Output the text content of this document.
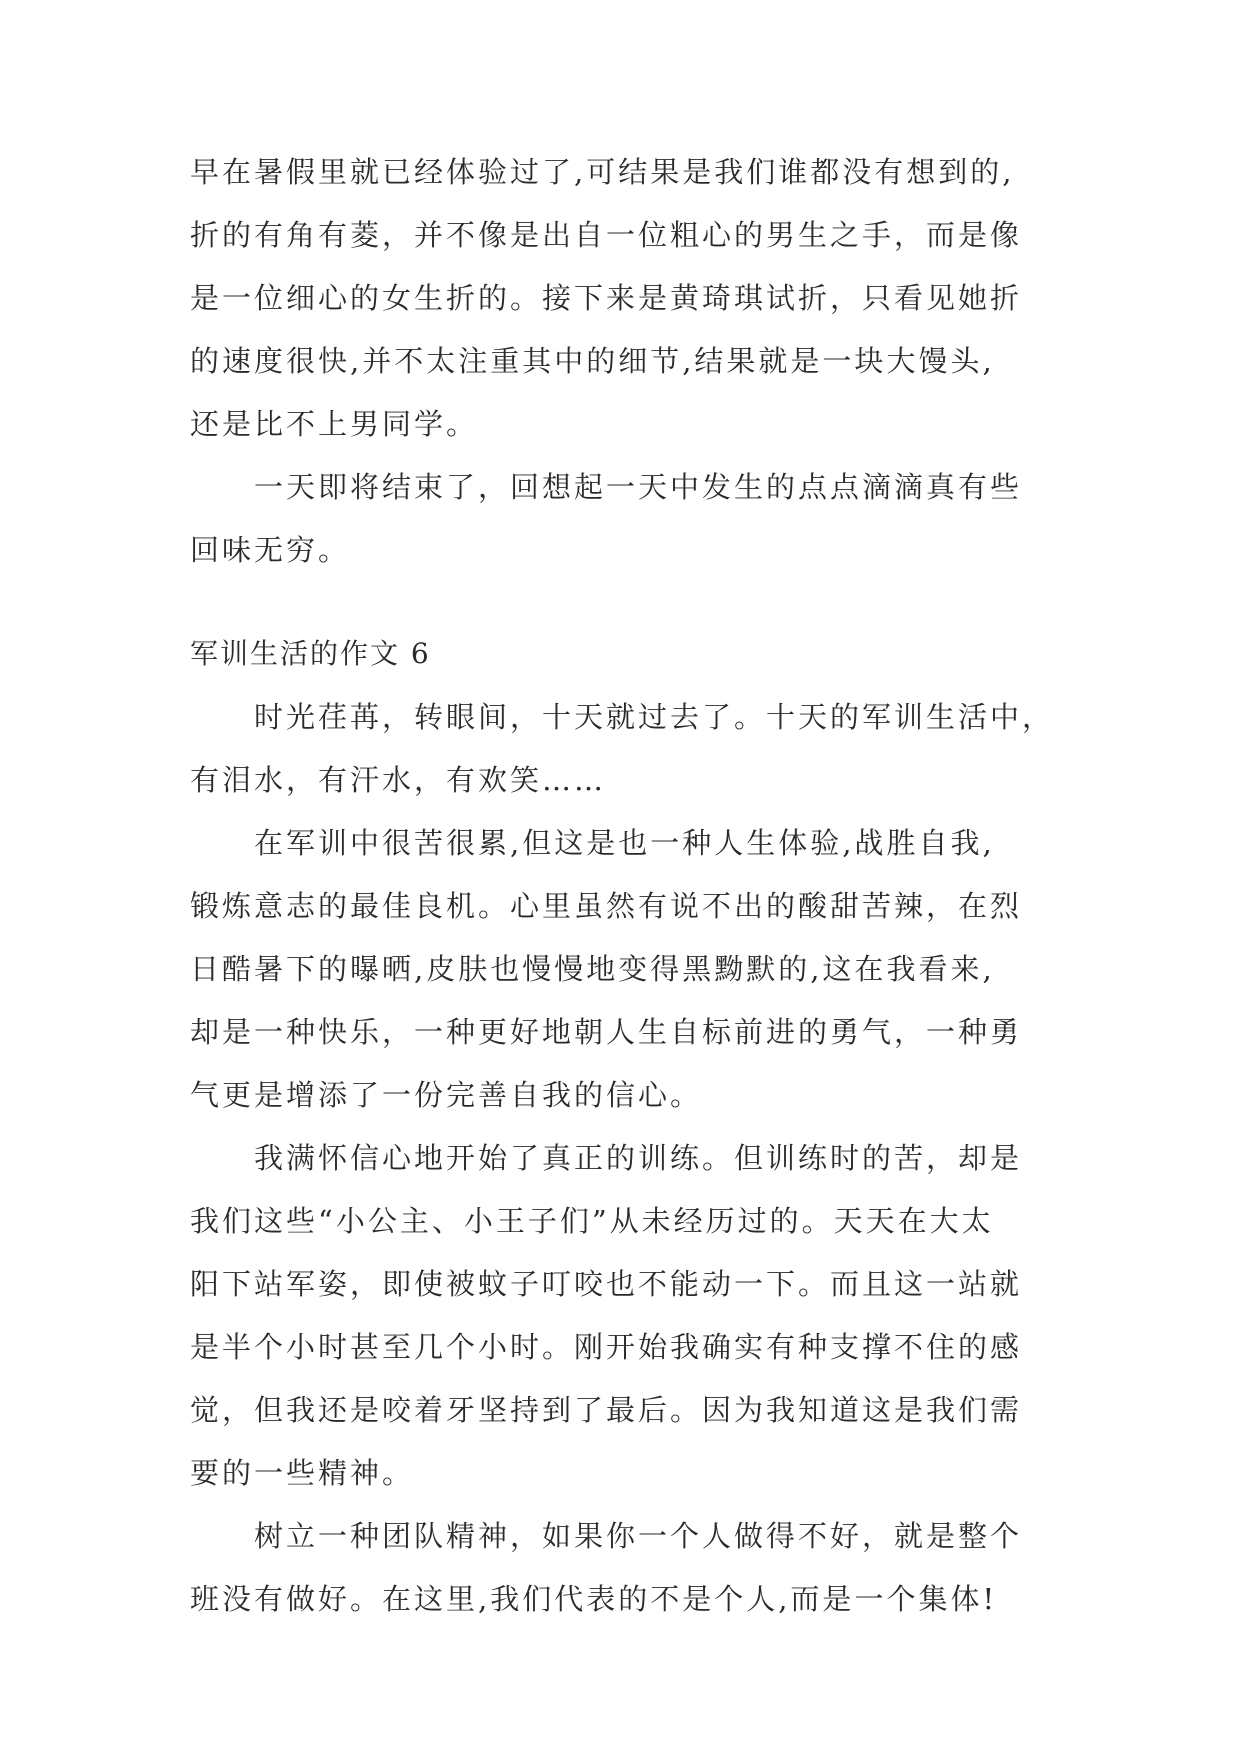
早在暑假里就已经体验过了,可结果是我们谁都没有想到的,
折的有角有菱，并不像是出自一位粗心的男生之手，而是像
是一位细心的女生折的。接下来是黄琦琪试折，只看见她折
的速度很快,并不太注重其中的细节,结果就是一块大馒头,
还是比不上男同学。
　　一天即将结束了，回想起一天中发生的点点滴滴真有些
回味无穷。
军训生活的作文 6
　　时光荏苒，转眼间，十天就过去了。十天的军训生活中，
有泪水，有汗水，有欢笑……
　　在军训中很苦很累,但这是也一种人生体验,战胜自我,
锻炼意志的最佳良机。心里虽然有说不出的酸甜苦辣，在烈
日酷暑下的曝晒,皮肤也慢慢地变得黑黝默的,这在我看来,
却是一种快乐，一种更好地朝人生自标前进的勇气，一种勇
气更是增添了一份完善自我的信心。
　　我满怀信心地开始了真正的训练。但训练时的苦，却是
我们这些“小公主、小王子们”从未经历过的。天天在大太
阳下站军姿，即使被蚊子叮咬也不能动一下。而且这一站就
是半个小时甚至几个小时。刚开始我确实有种支撑不住的感
觉，但我还是咬着牙坚持到了最后。因为我知道这是我们需
要的一些精神。
　　树立一种团队精神，如果你一个人做得不好，就是整个
班没有做好。在这里,我们代表的不是个人,而是一个集体!
